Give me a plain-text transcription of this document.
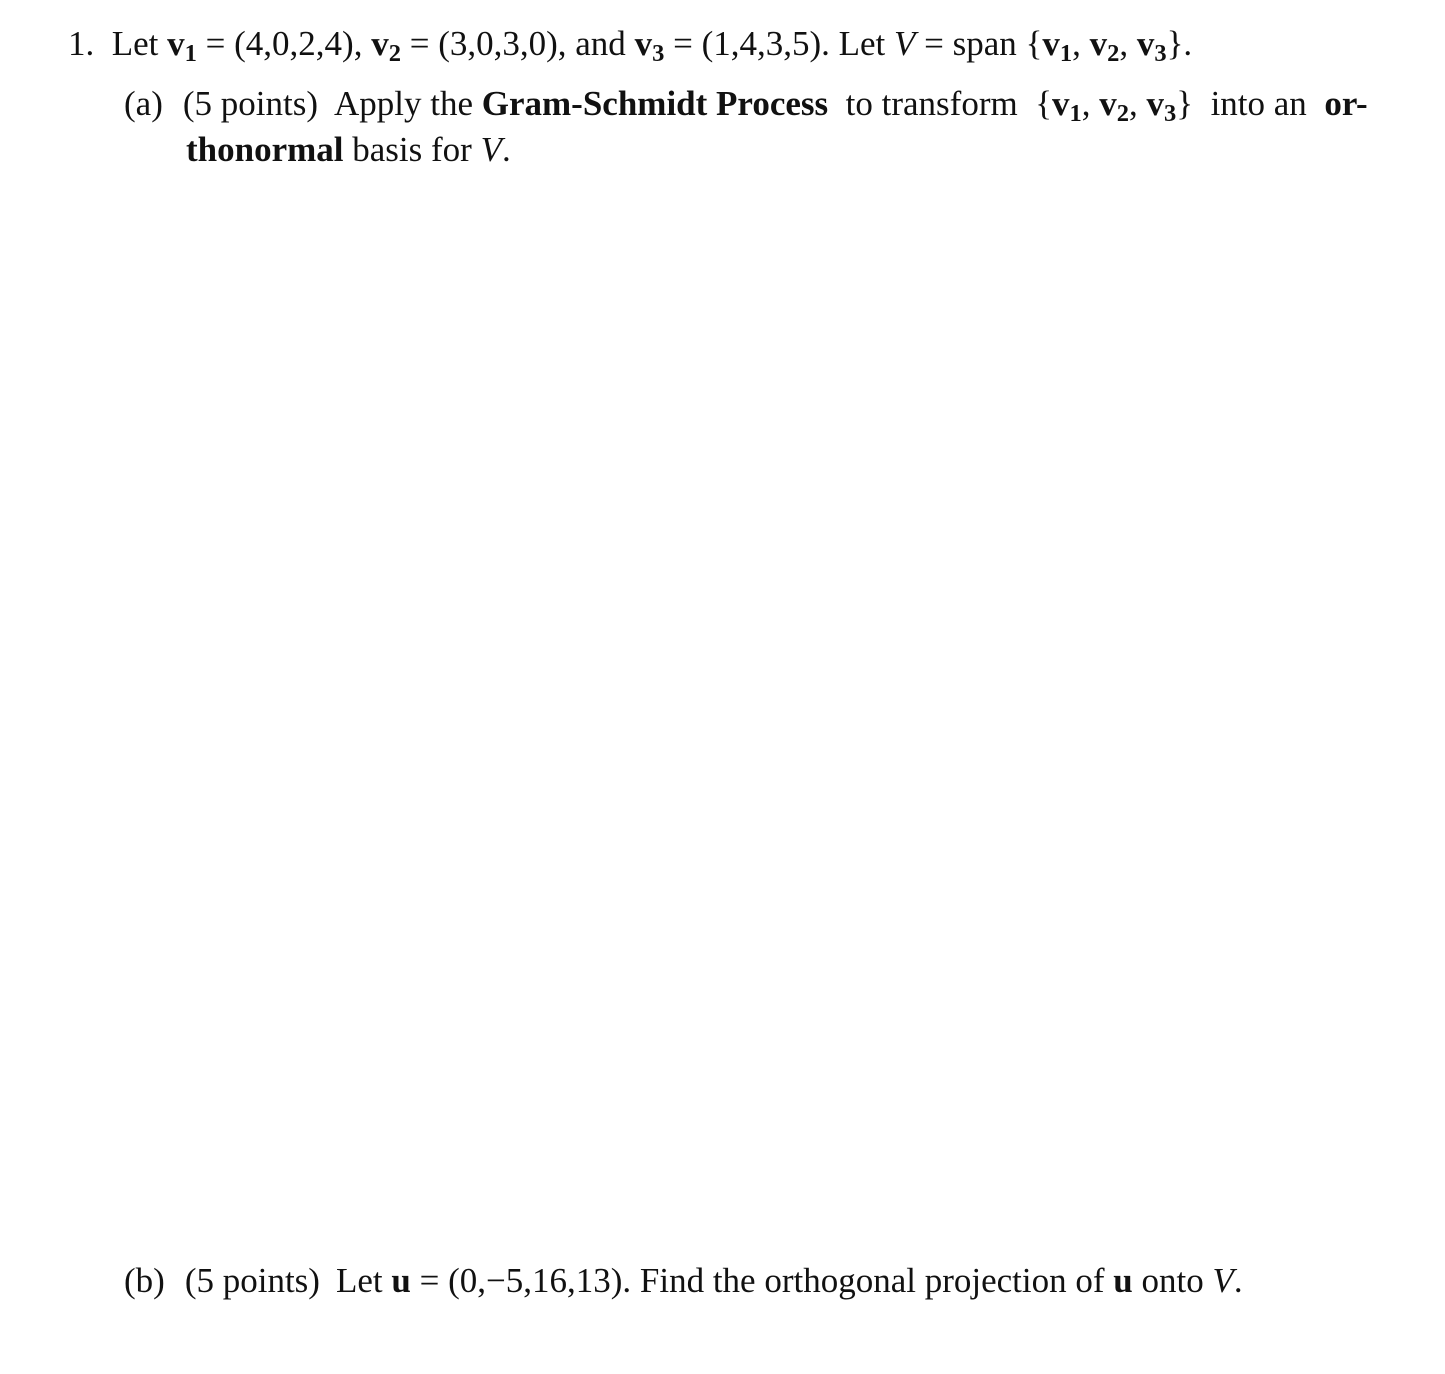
1. Let $v_1 = (4,0,2,4)$, $v_2 = (3,0,3,0)$, and $v_3 = (1,4,3,5)$. Let V = span {$v_1$, $v_2$, $v_3$}.
(a) (5 points) Apply the Gram-Schmidt Process to transform  {$v_1$, $v_2$, $v_3$}  into an or-
thonormal basis for V.
(b) (5 points) Let u = (0,−5,16,13). Find the orthogonal projection of u onto V.
